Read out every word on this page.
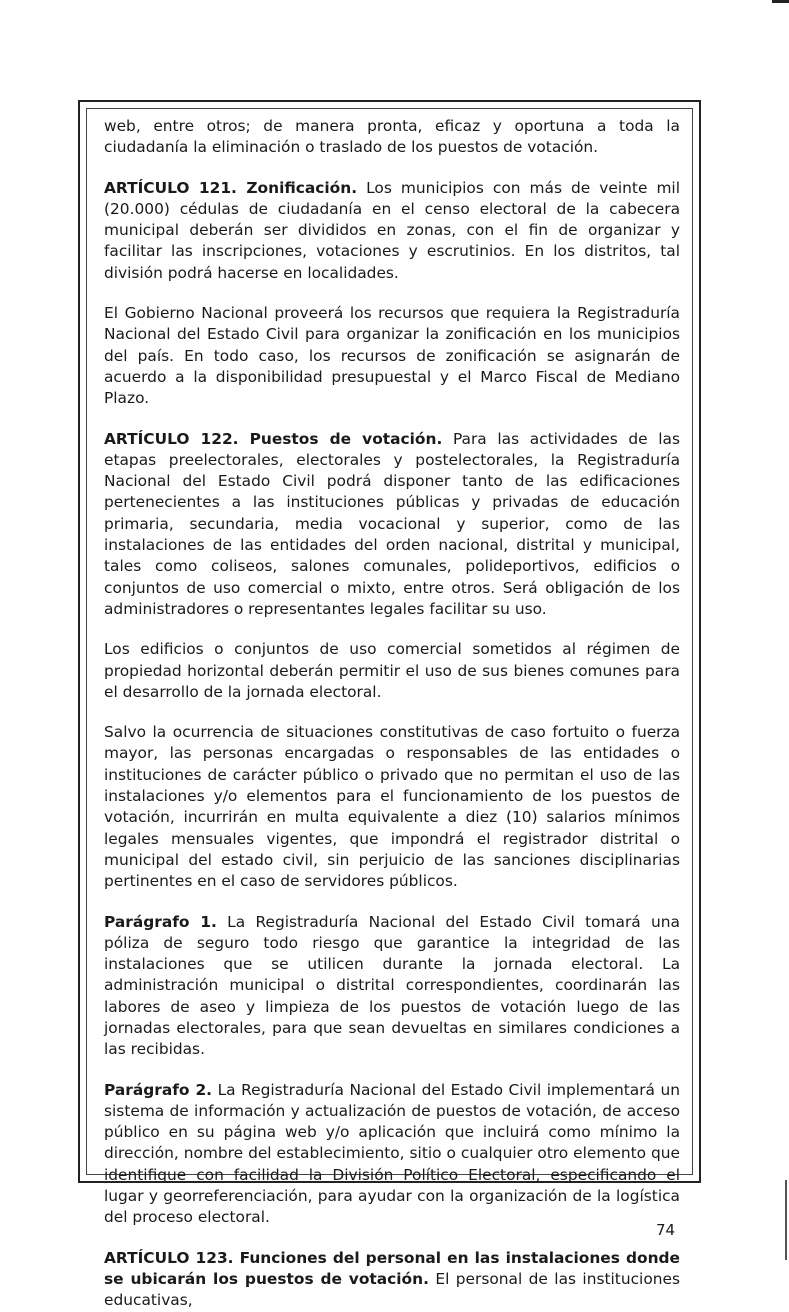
web, entre otros; de manera pronta, eficaz y oportuna a toda la ciudadanía la eliminación o traslado de los puestos de votación.

ARTÍCULO 121. Zonificación. Los municipios con más de veinte mil (20.000) cédulas de ciudadanía en el censo electoral de la cabecera municipal deberán ser divididos en zonas, con el fin de organizar y facilitar las inscripciones, votaciones y escrutinios. En los distritos, tal división podrá hacerse en localidades.

El Gobierno Nacional proveerá los recursos que requiera la Registraduría Nacional del Estado Civil para organizar la zonificación en los municipios del país. En todo caso, los recursos de zonificación se asignarán de acuerdo a la disponibilidad presupuestal y el Marco Fiscal de Mediano Plazo.

ARTÍCULO 122. Puestos de votación. Para las actividades de las etapas preelectorales, electorales y postelectorales, la Registraduría Nacional del Estado Civil podrá disponer tanto de las edificaciones pertenecientes a las instituciones públicas y privadas de educación primaria, secundaria, media vocacional y superior, como de las instalaciones de las entidades del orden nacional, distrital y municipal, tales como coliseos, salones comunales, polideportivos, edificios o conjuntos de uso comercial o mixto, entre otros. Será obligación de los administradores o representantes legales facilitar su uso.

Los edificios o conjuntos de uso comercial sometidos al régimen de propiedad horizontal deberán permitir el uso de sus bienes comunes para el desarrollo de la jornada electoral.

Salvo la ocurrencia de situaciones constitutivas de caso fortuito o fuerza mayor, las personas encargadas o responsables de las entidades o instituciones de carácter público o privado que no permitan el uso de las instalaciones y/o elementos para el funcionamiento de los puestos de votación, incurrirán en multa equivalente a diez (10) salarios mínimos legales mensuales vigentes, que impondrá el registrador distrital o municipal del estado civil, sin perjuicio de las sanciones disciplinarias pertinentes en el caso de servidores públicos.

Parágrafo 1. La Registraduría Nacional del Estado Civil tomará una póliza de seguro todo riesgo que garantice la integridad de las instalaciones que se utilicen durante la jornada electoral. La administración municipal o distrital correspondientes, coordinarán las labores de aseo y limpieza de los puestos de votación luego de las jornadas electorales, para que sean devueltas en similares condiciones a las recibidas.

Parágrafo 2. La Registraduría Nacional del Estado Civil implementará un sistema de información y actualización de puestos de votación, de acceso público en su página web y/o aplicación que incluirá como mínimo la dirección, nombre del establecimiento, sitio o cualquier otro elemento que identifique con facilidad la División Político Electoral, especificando el lugar y georreferenciación, para ayudar con la organización de la logística del proceso electoral.

ARTÍCULO 123. Funciones del personal en las instalaciones donde se ubicarán los puestos de votación. El personal de las instituciones educativas,

74
